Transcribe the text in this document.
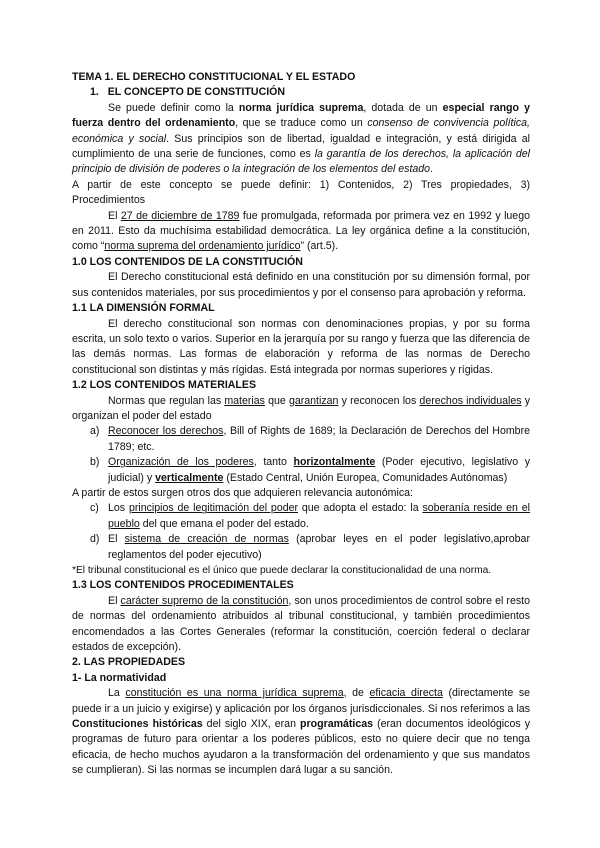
TEMA 1. EL DERECHO CONSTITUCIONAL Y EL ESTADO

1. EL CONCEPTO DE CONSTITUCIÓN

Se puede definir como la norma jurídica suprema, dotada de un especial rango y fuerza dentro del ordenamiento, que se traduce como un consenso de convivencia política, económica y social. Sus principios son de libertad, igualdad e integración, y está dirigida al cumplimiento de una serie de funciones, como es la garantía de los derechos, la aplicación del principio de división de poderes o la integración de los elementos del estado.

A partir de este concepto se puede definir: 1) Contenidos, 2) Tres propiedades, 3) Procedimientos

El 27 de diciembre de 1789 fue promulgada, reformada por primera vez en 1992 y luego en 2011. Esto da muchísima estabilidad democrática. La ley orgánica define a la constitución, como “norma suprema del ordenamiento jurídico” (art.5).

1.0 LOS CONTENIDOS DE LA CONSTITUCIÓN

El Derecho constitucional está definido en una constitución por su dimensión formal, por sus contenidos materiales, por sus procedimientos y por el consenso para aprobación y reforma.

1.1 LA DIMENSIÓN FORMAL

El derecho constitucional son normas con denominaciones propias, y por su forma escrita, un solo texto o varios. Superior en la jerarquía por su rango y fuerza que las diferencia de las demás normas. Las formas de elaboración y reforma de las normas de Derecho constitucional son distintas y más rígidas. Está integrada por normas superiores y rígidas.

1.2 LOS CONTENIDOS MATERIALES

Normas que regulan las materias que garantizan y reconocen los derechos individuales y organizan el poder del estado

a) Reconocer los derechos, Bill of Rights de 1689; la Declaración de Derechos del Hombre 1789; etc.

b) Organización de los poderes, tanto horizontalmente (Poder ejecutivo, legislativo y judicial) y verticalmente (Estado Central, Unión Europea, Comunidades Autónomas)

A partir de estos surgen otros dos que adquieren relevancia autonómica:

c) Los principios de legitimación del poder que adopta el estado: la soberanía reside en el pueblo del que emana el poder del estado.

d) El sistema de creación de normas (aprobar leyes en el poder legislativo,aprobar reglamentos del poder ejecutivo)

*El tribunal constitucional es el único que puede declarar la constitucionalidad de una norma.

1.3 LOS CONTENIDOS PROCEDIMENTALES

El carácter supremo de la constitución, son unos procedimientos de control sobre el resto de normas del ordenamiento atribuidos al tribunal constitucional, y también procedimientos encomendados a las Cortes Generales (reformar la constitución, coerción federal o declarar estados de excepción).

2. LAS PROPIEDADES

1- La normatividad

La constitución es una norma jurídica suprema, de eficacia directa (directamente se puede ir a un juicio y exigirse) y aplicación por los órganos jurisdiccionales. Si nos referimos a las Constituciones históricas del siglo XIX, eran programáticas (eran documentos ideológicos y programas de futuro para orientar a los poderes públicos, esto no quiere decir que no tenga eficacia, de hecho muchos ayudaron a la transformación del ordenamiento y que sus mandatos se cumplieran). Si las normas se incumplen dará lugar a su sanción.
